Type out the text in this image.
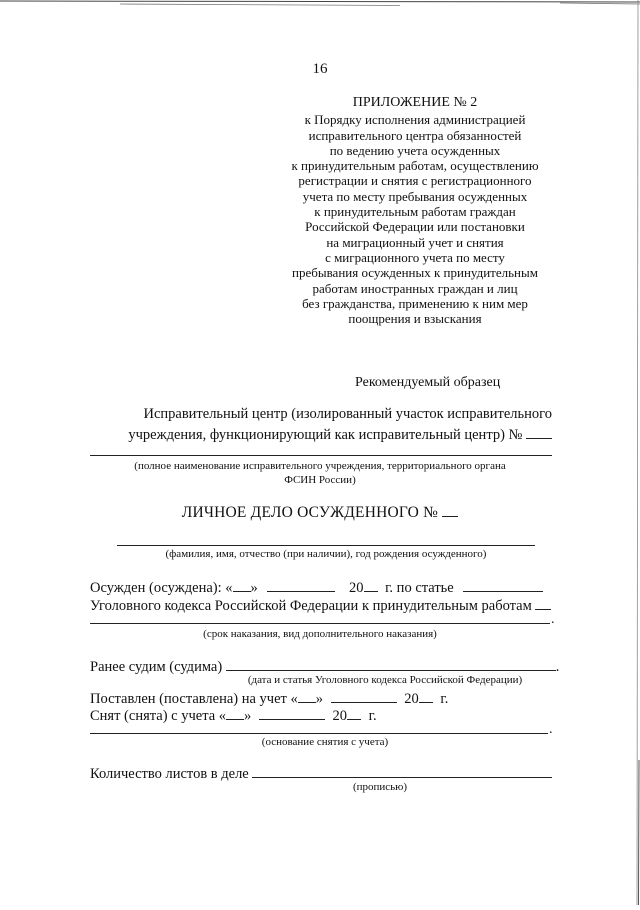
16
ПРИЛОЖЕНИЕ № 2
к Порядку исполнения администрацией
исправительного центра обязанностей
по ведению учета осужденных
к принудительным работам, осуществлению
регистрации и снятия с регистрационного
учета по месту пребывания осужденных
к принудительным работам граждан
Российской Федерации или постановки
на миграционный учет и снятия
с миграционного учета по месту
пребывания осужденных к принудительным
работам иностранных граждан и лиц
без гражданства, применению к ним мер
поощрения и взыскания
Рекомендуемый образец
Исправительный центр (изолированный участок исправительного
учреждения, функционирующий как исправительный центр) №
(полное наименование исправительного учреждения, территориального органа
ФСИН России)
ЛИЧНОЕ ДЕЛО ОСУЖДЕННОГО №
(фамилия, имя, отчество (при наличии), год рождения осужденного)
Осужден (осуждена): « »	20 г. по статье
Уголовного кодекса Российской Федерации к принудительным работам
.
(срок наказания, вид дополнительного наказания)
Ранее судим (судима)	.
(дата и статья Уголовного кодекса Российской Федерации)
Поставлен (поставлена) на учет « »	20 г.
Снят (снята) с учета « »	20 г.
.
(основание снятия с учета)
Количество листов в деле
(прописью)
